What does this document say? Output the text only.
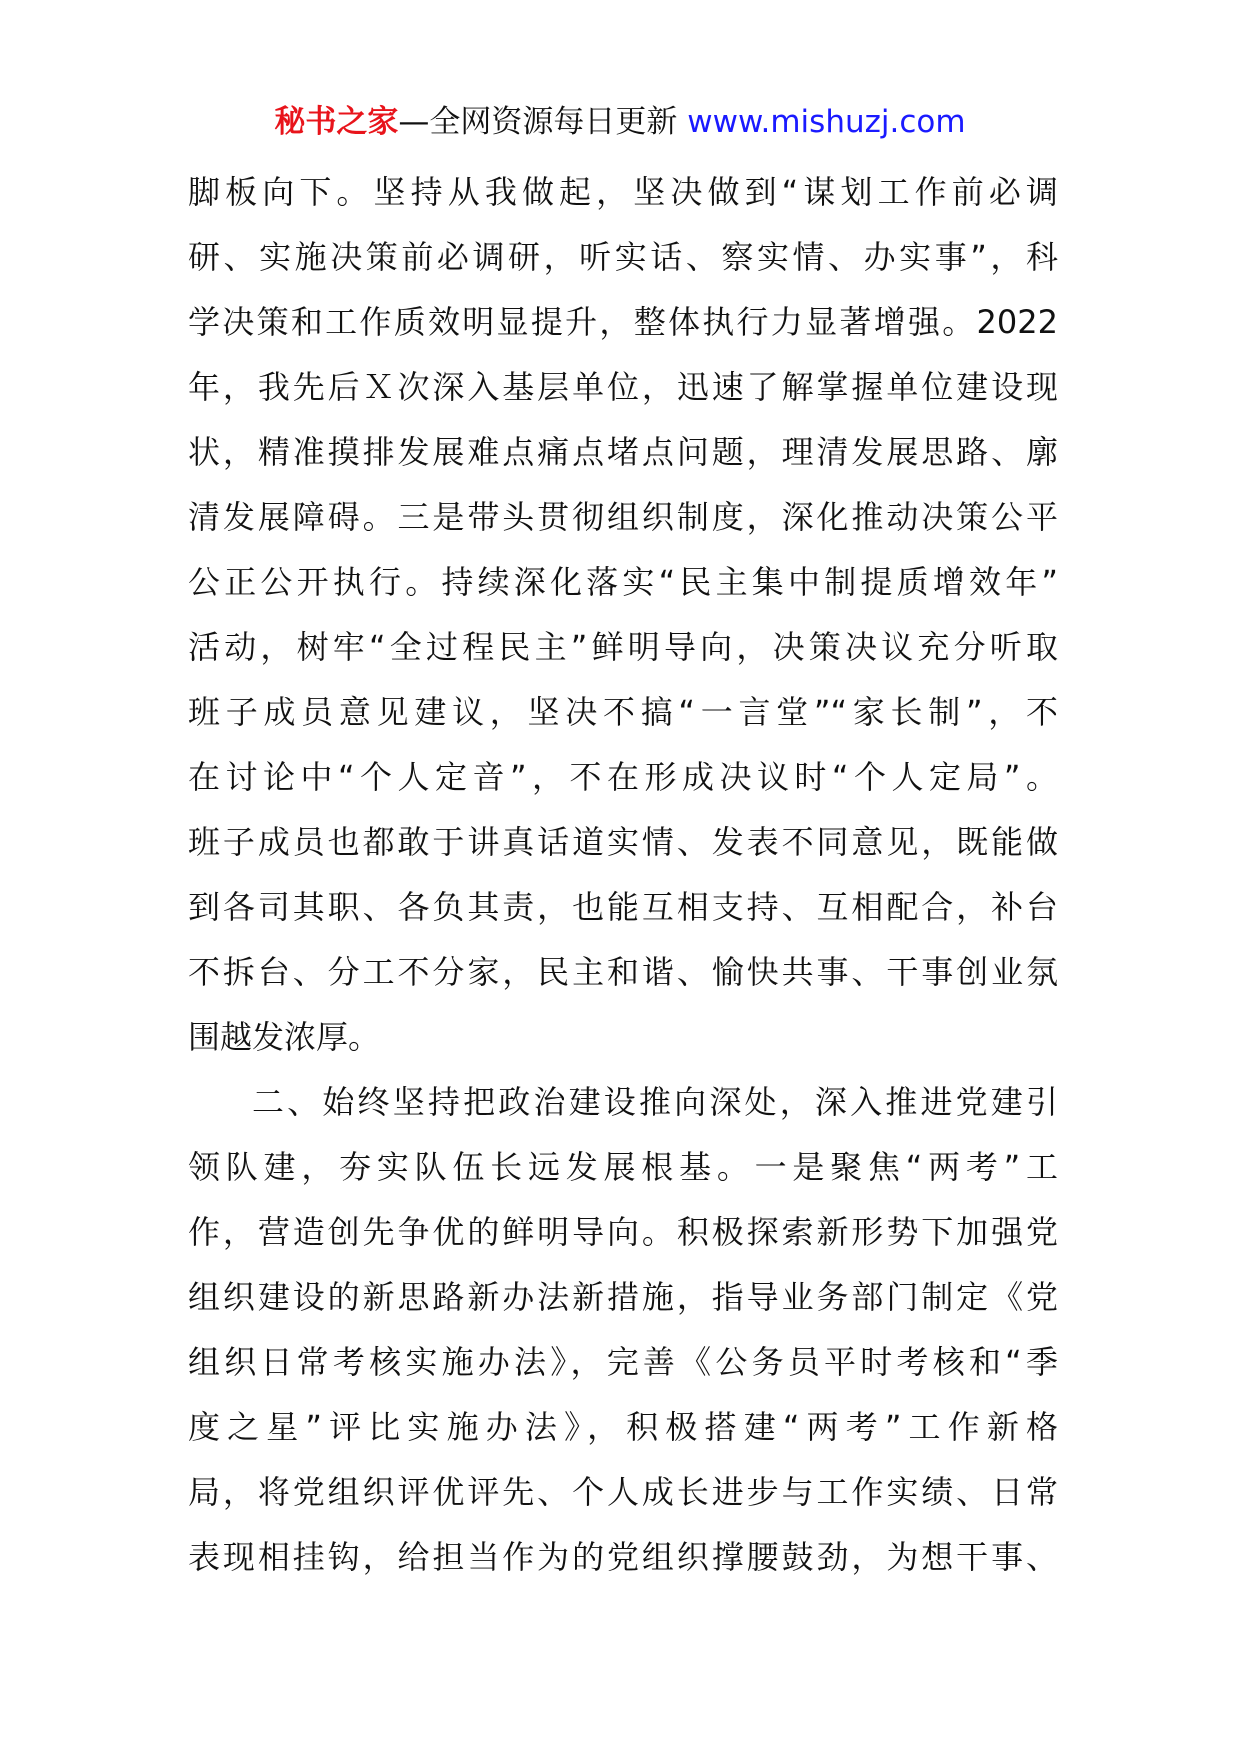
秘书之家—全网资源每日更新 www.mishuzj.com
脚板向下。坚持从我做起，坚决做到“谋划工作前必调
研、实施决策前必调研，听实话、察实情、办实事”，科
学决策和工作质效明显提升，整体执行力显著增强。2022
年，我先后Ｘ次深入基层单位，迅速了解掌握单位建设现
状，精准摸排发展难点痛点堵点问题，理清发展思路、廓
清发展障碍。三是带头贯彻组织制度，深化推动决策公平
公正公开执行。持续深化落实“民主集中制提质增效年”
活动，树牢“全过程民主”鲜明导向，决策决议充分听取
班子成员意见建议，坚决不搞“一言堂”“家长制”，不
在讨论中“个人定音”，不在形成决议时“个人定局”。
班子成员也都敢于讲真话道实情、发表不同意见，既能做
到各司其职、各负其责，也能互相支持、互相配合，补台
不拆台、分工不分家，民主和谐、愉快共事、干事创业氛
围越发浓厚。
二、始终坚持把政治建设推向深处，深入推进党建引
领队建，夯实队伍长远发展根基。一是聚焦“两考”工
作，营造创先争优的鲜明导向。积极探索新形势下加强党
组织建设的新思路新办法新措施，指导业务部门制定《党
组织日常考核实施办法》，完善《公务员平时考核和“季
度之星”评比实施办法》，积极搭建“两考”工作新格
局，将党组织评优评先、个人成长进步与工作实绩、日常
表现相挂钩，给担当作为的党组织撑腰鼓劲，为想干事、
